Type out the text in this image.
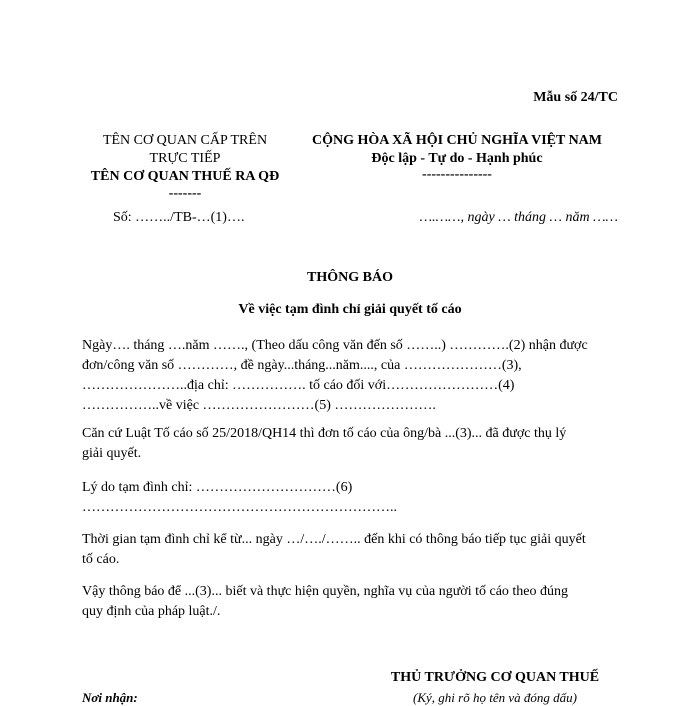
Mẫu số 24/TC
TÊN CƠ QUAN CẤP TRÊN
TRỰC TIẾP
TÊN CƠ QUAN THUẾ RA QĐ
-------
CỘNG HÒA XÃ HỘI CHỦ NGHĨA VIỆT NAM
Độc lập - Tự do - Hạnh phúc
---------------
Số: ……../TB-…(1)….	….……, ngày … tháng … năm ……
THÔNG BÁO
Về việc tạm đình chỉ giải quyết tố cáo
Ngày…. tháng ….năm ……., (Theo dấu công văn đến số ……..) ………….(2) nhận được
đơn/công văn số …………, đề ngày...tháng...năm...., của …………………(3),
…………………..địa chỉ: ……………. tố cáo đối với……………………(4)
……………..về việc ……………………(5) ………………….
Căn cứ Luật Tố cáo số 25/2018/QH14 thì đơn tố cáo của ông/bà ...(3)... đã được thụ lý
giải quyết.
Lý do tạm đình chỉ: …………………………(6)
…………………………………………………………..
Thời gian tạm đình chỉ kể từ... ngày …/…./…….. đến khi có thông báo tiếp tục giải quyết
tố cáo.
Vậy thông báo để ...(3)... biết và thực hiện quyền, nghĩa vụ của người tố cáo theo đúng
quy định của pháp luật./.
THỦ TRƯỞNG CƠ QUAN THUẾ
(Ký, ghi rõ họ tên và đóng dấu)
Nơi nhận:
